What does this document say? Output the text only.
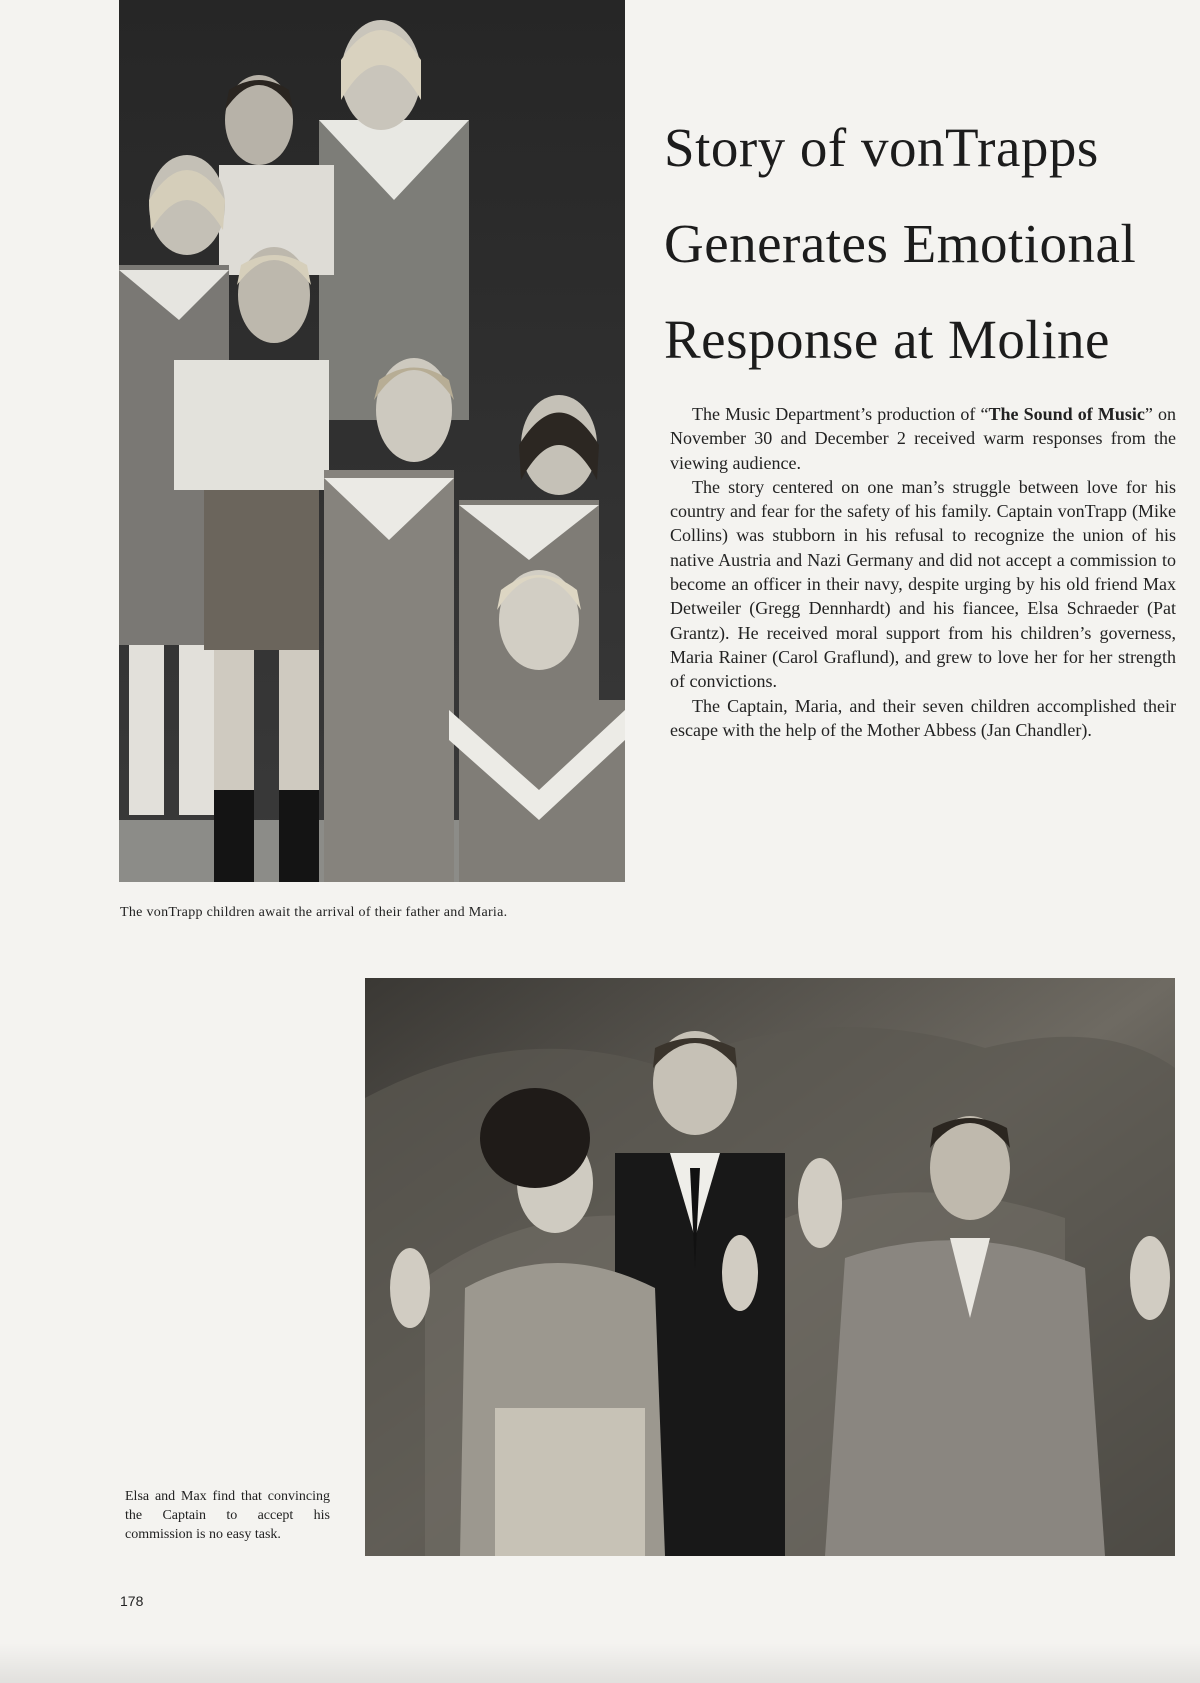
Story of vonTrapps
Generates Emotional
Response at Moline

The Music Department’s production of “The Sound of Music” on November 30 and December 2 received warm responses from the viewing audience.

The story centered on one man’s struggle between love for his country and fear for the safety of his family. Captain vonTrapp (Mike Collins) was stubborn in his refusal to recognize the union of his native Austria and Nazi Germany and did not accept a commission to become an officer in their navy, despite urging by his old friend Max Detweiler (Gregg Dennhardt) and his fiancee, Elsa Schraeder (Pat Grantz). He received moral support from his children’s governess, Maria Rainer (Carol Graflund), and grew to love her for her strength of convictions.

The Captain, Maria, and their seven children accomplished their escape with the help of the Mother Abbess (Jan Chandler).

The vonTrapp children await the arrival of their father and Maria.
Elsa and Max find that convincing the Captain to accept his commission is no easy task.
178
